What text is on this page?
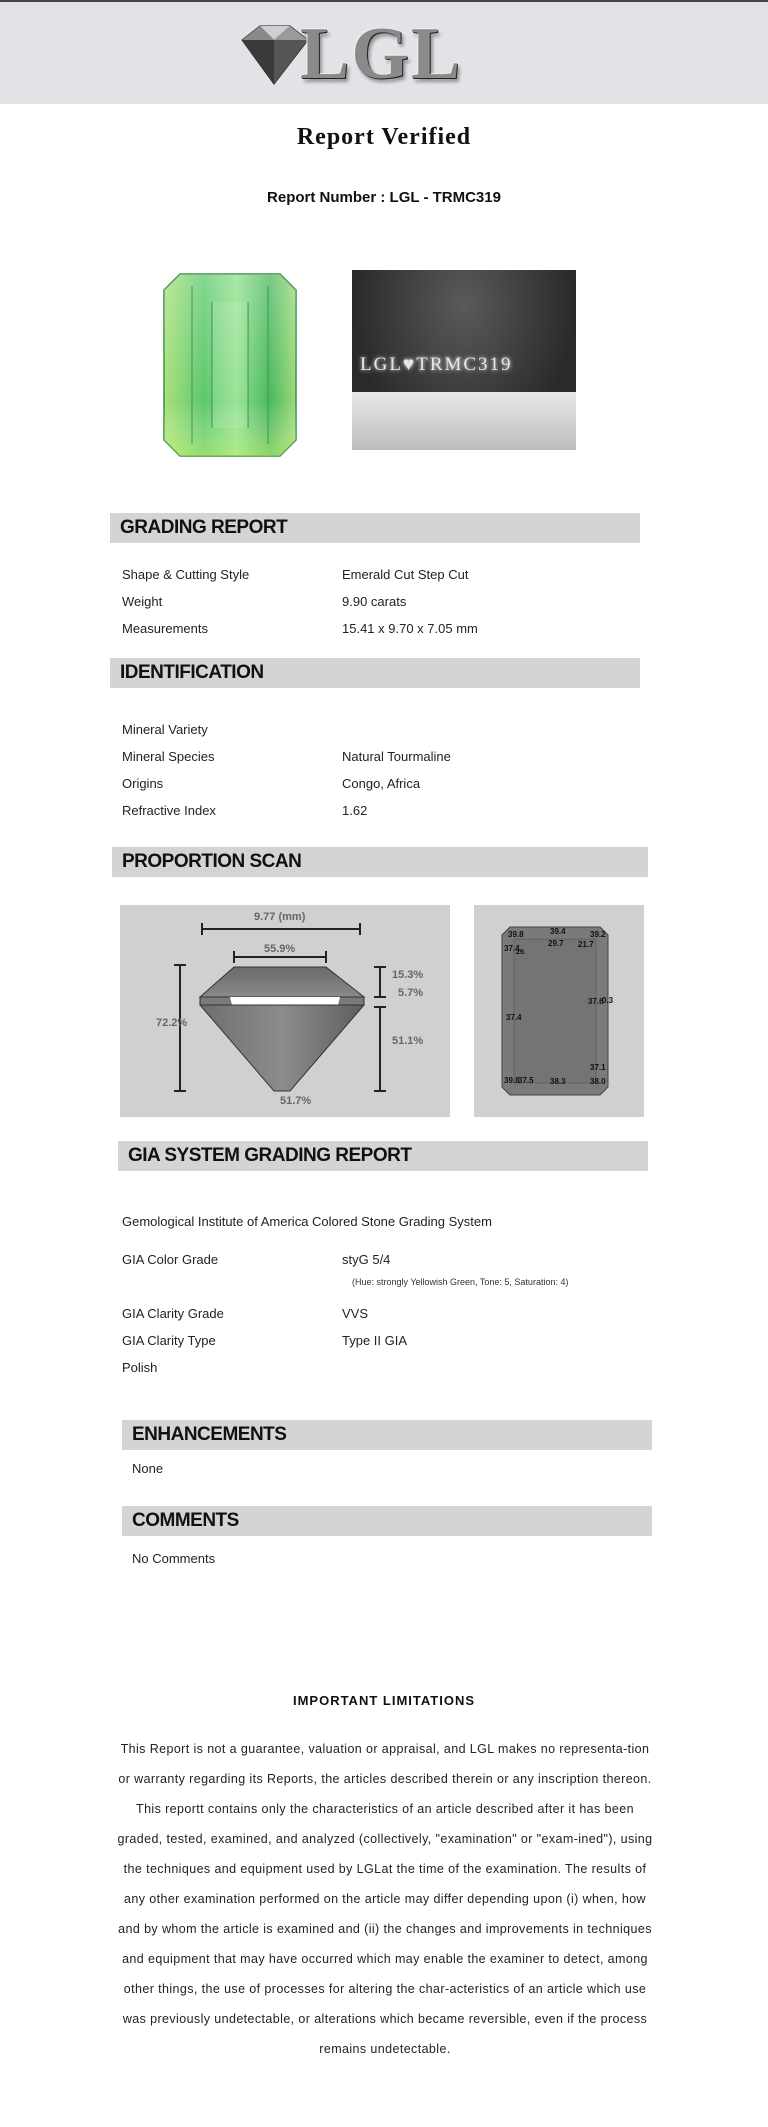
LGL
Report Verified
Report Number : LGL - TRMC319
LGL♥TRMC319
GRADING REPORT
Shape & Cutting Style	Emerald Cut Step Cut
Weight	9.90 carats
Measurements	15.41 x 9.70 x 7.05 mm
IDENTIFICATION
Mineral Variety
Mineral Species	Natural Tourmaline
Origins	Congo, Africa
Refractive Index	1.62
PROPORTION SCAN
9.77 (mm)
55.9%
15.3%
5.7%
72.2%
51.1%
51.7%
39.8	39.4	39.2
37.4
29.7 21.7
29.
37.4
37.6
0.3
37.1
39.8
37.5 38.3	38.0
GIA SYSTEM GRADING REPORT
Gemological Institute of America Colored Stone Grading System
GIA Color Grade	styG 5/4
(Hue: strongly Yellowish Green, Tone: 5, Saturation: 4)
GIA Clarity Grade	VVS
GIA Clarity Type	Type II GIA
Polish
ENHANCEMENTS
None
COMMENTS
No Comments
IMPORTANT LIMITATIONS
This Report is not a guarantee, valuation or appraisal, and LGL makes no representa-tion or warranty regarding its Reports, the articles described therein or any inscription thereon. This reportt contains only the characteristics of an article described after it has been graded, tested, examined, and analyzed (collectively, "examination" or "exam-ined"), using the techniques and equipment used by LGLat the time of the examination. The results of any other examination performed on the article may differ depending upon (i) when, how and by whom the article is examined and (ii) the changes and improvements in techniques and equipment that may have occurred which may enable the examiner to detect, among other things, the use of processes for altering the char-acteristics of an article which use was previously undetectable, or alterations which became reversible, even if the process remains undetectable.
